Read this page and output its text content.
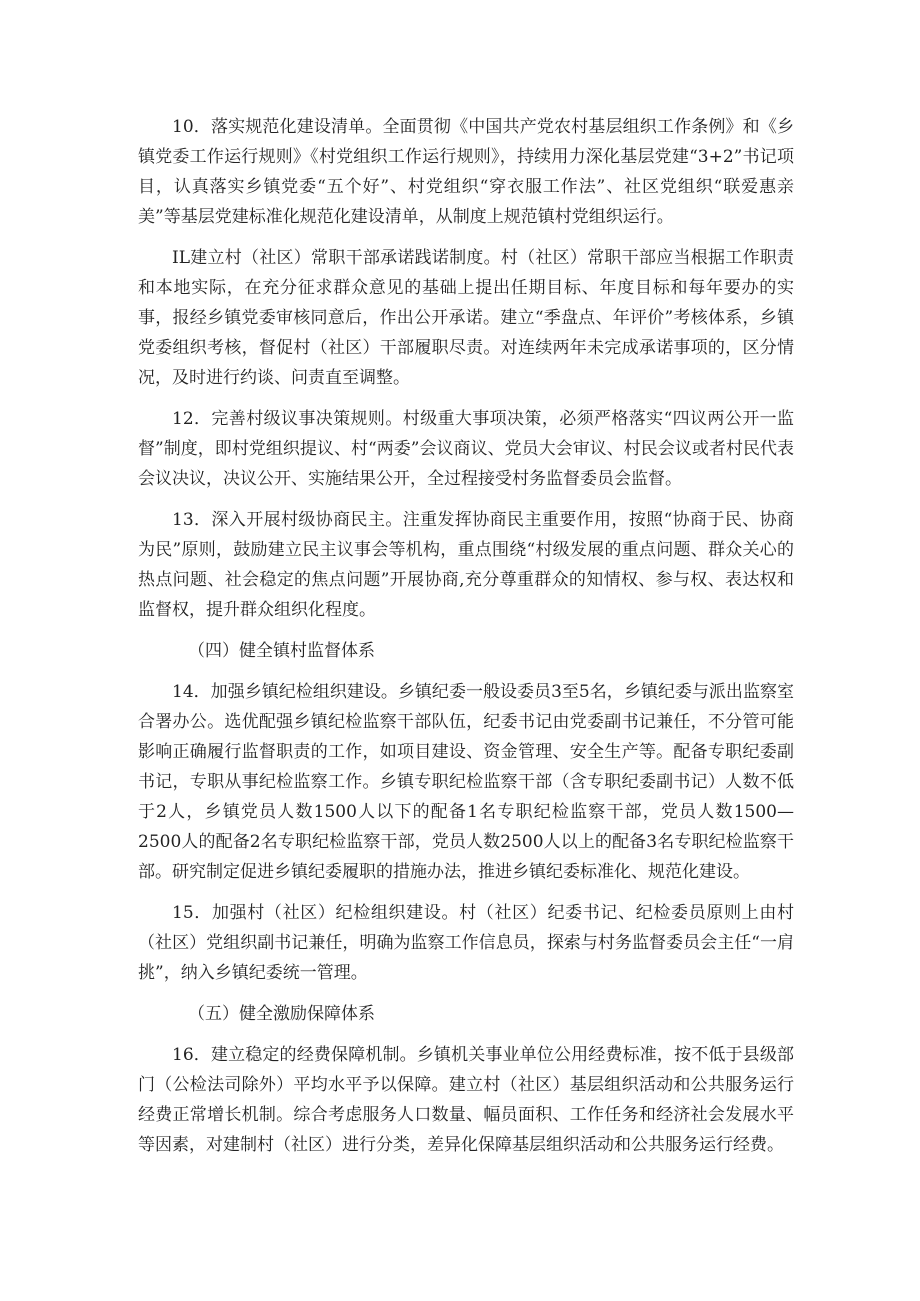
10．落实规范化建设清单。全面贯彻《中国共产党农村基层组织工作条例》和《乡镇党委工作运行规则》《村党组织工作运行规则》，持续用力深化基层党建“3+2”书记项目，认真落实乡镇党委“五个好”、村党组织“穿衣服工作法”、社区党组织“联爱惠亲美”等基层党建标准化规范化建设清单，从制度上规范镇村党组织运行。

IL建立村（社区）常职干部承诺践诺制度。村（社区）常职干部应当根据工作职责和本地实际，在充分征求群众意见的基础上提出任期目标、年度目标和每年要办的实事，报经乡镇党委审核同意后，作出公开承诺。建立“季盘点、年评价”考核体系，乡镇党委组织考核，督促村（社区）干部履职尽责。对连续两年未完成承诺事项的，区分情况，及时进行约谈、问责直至调整。

12．完善村级议事决策规则。村级重大事项决策，必须严格落实“四议两公开一监督”制度，即村党组织提议、村“两委”会议商议、党员大会审议、村民会议或者村民代表会议决议，决议公开、实施结果公开，全过程接受村务监督委员会监督。

13．深入开展村级协商民主。注重发挥协商民主重要作用，按照“协商于民、协商为民”原则，鼓励建立民主议事会等机构，重点围绕“村级发展的重点问题、群众关心的热点问题、社会稳定的焦点问题”开展协商,充分尊重群众的知情权、参与权、表达权和监督权，提升群众组织化程度。

（四）健全镇村监督体系

14．加强乡镇纪检组织建设。乡镇纪委一般设委员3至5名，乡镇纪委与派出监察室合署办公。选优配强乡镇纪检监察干部队伍，纪委书记由党委副书记兼任，不分管可能影响正确履行监督职责的工作，如项目建设、资金管理、安全生产等。配备专职纪委副书记，专职从事纪检监察工作。乡镇专职纪检监察干部（含专职纪委副书记）人数不低于2人，乡镇党员人数1500人以下的配备1名专职纪检监察干部，党员人数1500—2500人的配备2名专职纪检监察干部，党员人数2500人以上的配备3名专职纪检监察干部。研究制定促进乡镇纪委履职的措施办法，推进乡镇纪委标准化、规范化建设。

15．加强村（社区）纪检组织建设。村（社区）纪委书记、纪检委员原则上由村（社区）党组织副书记兼任，明确为监察工作信息员，探索与村务监督委员会主任“一肩挑”，纳入乡镇纪委统一管理。

（五）健全激励保障体系

16．建立稳定的经费保障机制。乡镇机关事业单位公用经费标准，按不低于县级部门（公检法司除外）平均水平予以保障。建立村（社区）基层组织活动和公共服务运行经费正常增长机制。综合考虑服务人口数量、幅员面积、工作任务和经济社会发展水平等因素，对建制村（社区）进行分类，差异化保障基层组织活动和公共服务运行经费。
